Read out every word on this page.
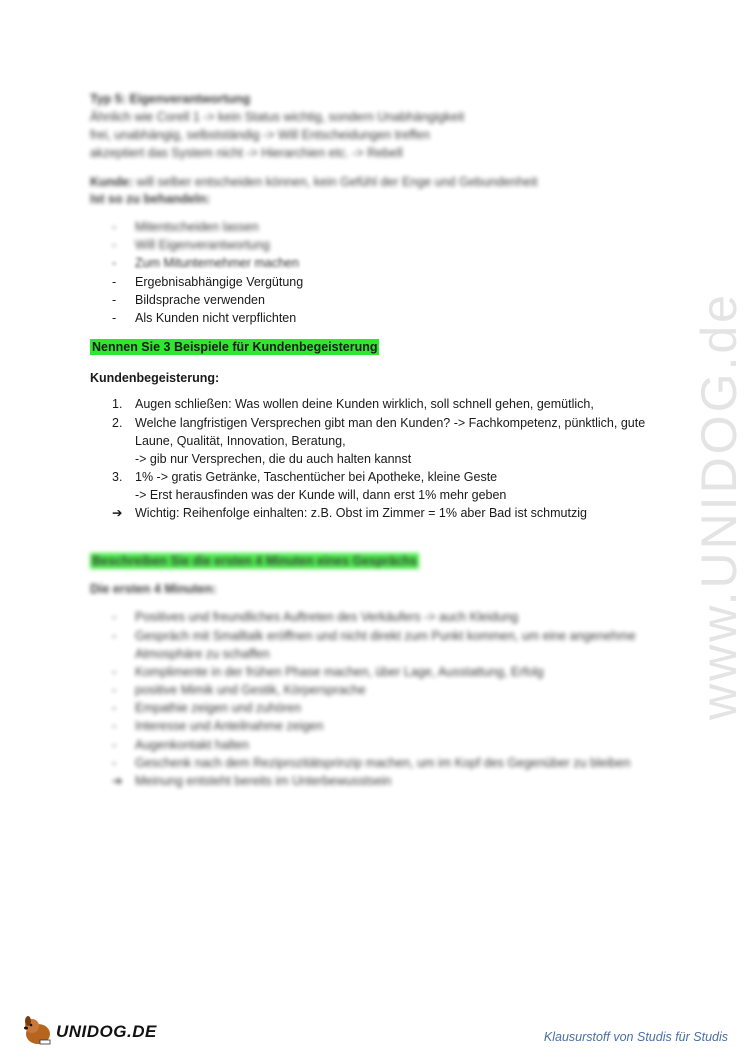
Typ 5: Eigenverantwortung
Ähnlich wie Corell 1 -> kein Status wichtig, sondern Unabhängigkeit
frei, unabhängig, selbstständig -> Will Entscheidungen treffen
akzeptiert das System nicht -> Hierarchien etc. -> Rebell
Kunde: will selber entscheiden können, kein Gefühl der Enge und Gebundenheit
Ist so zu behandeln:
-	Mitentscheiden lassen
-	Will Eigenverantwortung
-	Zum Mitunternehmer machen
-	Ergebnisabhängige Vergütung
-	Bildsprache verwenden
-	Als Kunden nicht verpflichten
Nennen Sie 3 Beispiele für Kundenbegeisterung
Kundenbegeisterung:
1.	Augen schließen: Was wollen deine Kunden wirklich, soll schnell gehen, gemütlich,
2.	Welche langfristigen Versprechen gibt man den Kunden? -> Fachkompetenz, pünktlich, gute
Laune, Qualität, Innovation, Beratung,
-> gib nur Versprechen, die du auch halten kannst
3.	1% -> gratis Getränke, Taschentücher bei Apotheke, kleine Geste
-> Erst herausfinden was der Kunde will, dann erst 1% mehr geben
➔	Wichtig: Reihenfolge einhalten: z.B. Obst im Zimmer = 1% aber Bad ist schmutzig
Beschreiben Sie die ersten 4 Minuten eines Gesprächs
Die ersten 4 Minuten:
-	Positives und freundliches Auftreten des Verkäufers -> auch Kleidung
-	Gespräch mit Smalltalk eröffnen und nicht direkt zum Punkt kommen, um eine angenehme
Atmosphäre zu schaffen
-	Komplimente in der frühen Phase machen, über Lage, Ausstattung, Erfolg
-	positive Mimik und Gestik, Körpersprache
-	Empathie zeigen und zuhören
-	Interesse und Anteilnahme zeigen
-	Augenkontakt halten
-	Geschenk nach dem Reziprozitätsprinzip machen, um im Kopf des Gegenüber zu bleiben
➔ Meinung entsteht bereits im Unterbewusstsein
www.UNIDOG.de
UNIDOG.DE	Klausurstoff von Studis für Studis
